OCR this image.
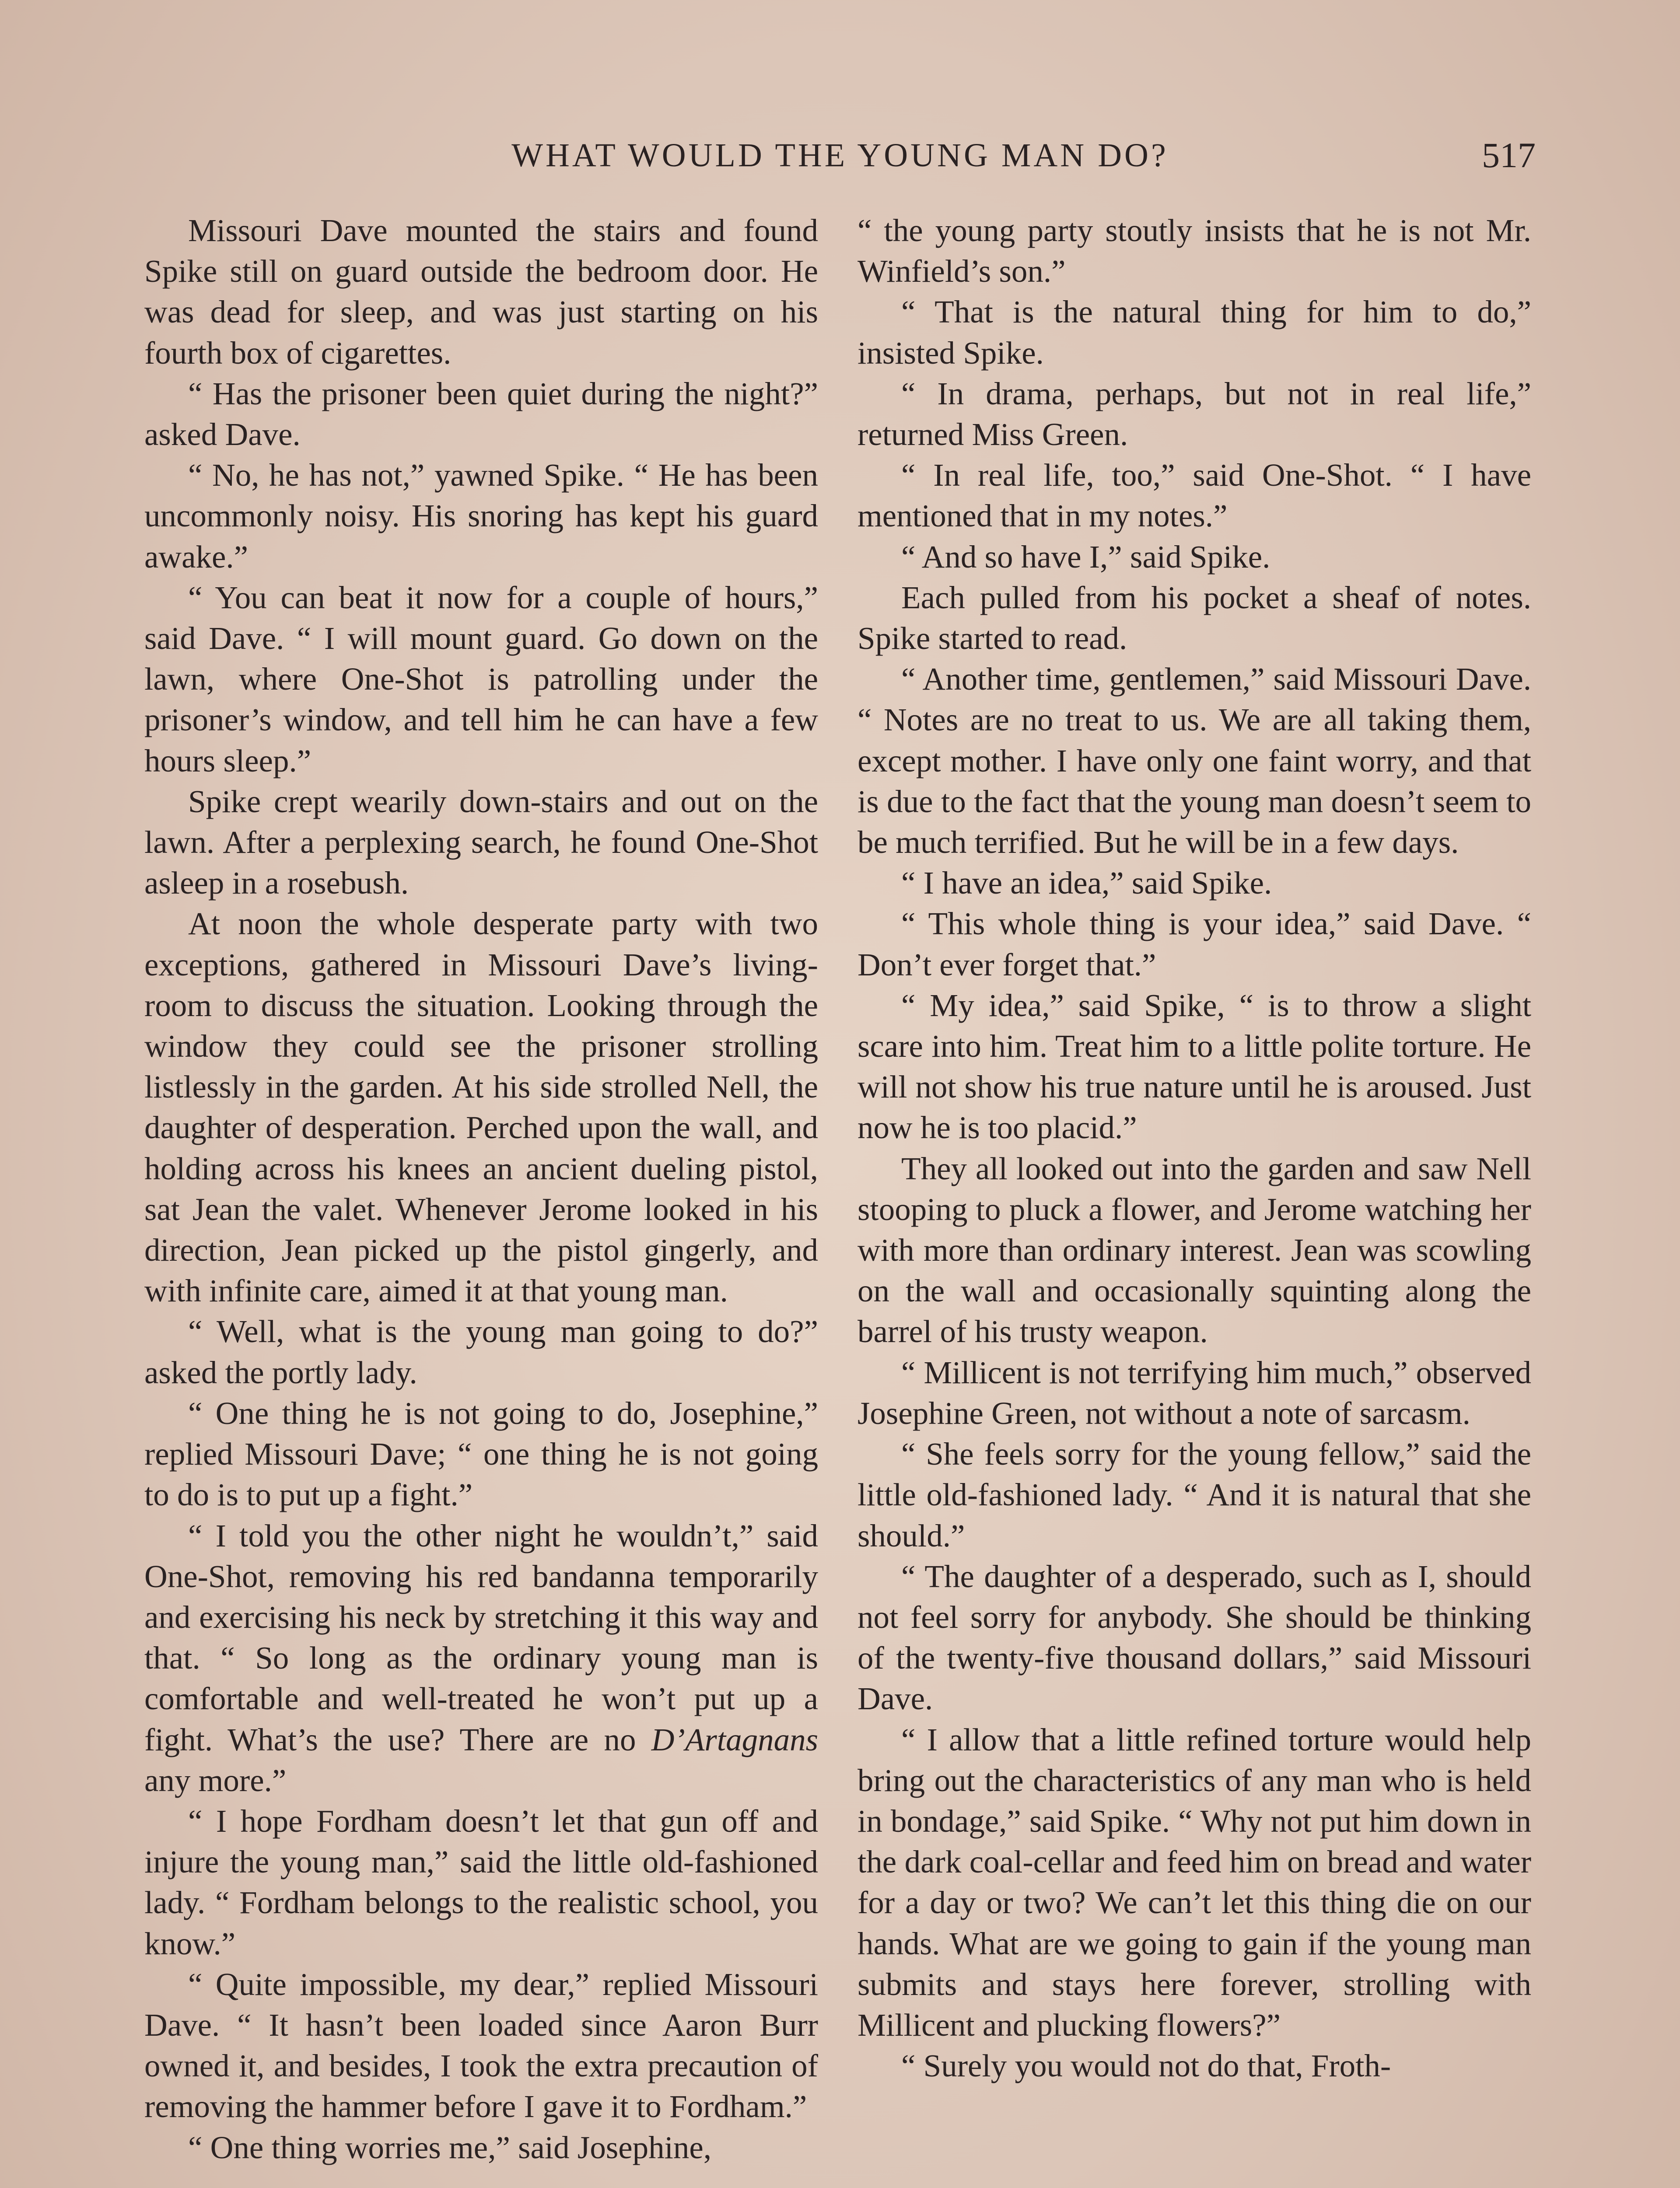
WHAT WOULD THE YOUNG MAN DO?	517

Missouri Dave mounted the stairs and found Spike still on guard outside the bedroom door. He was dead for sleep, and was just starting on his fourth box of cigarettes.

“ Has the prisoner been quiet during the night?” asked Dave.

“ No, he has not,” yawned Spike. “ He has been uncommonly noisy. His snoring has kept his guard awake.”

“ You can beat it now for a couple of hours,” said Dave. “ I will mount guard. Go down on the lawn, where One-Shot is patrolling under the prisoner’s window, and tell him he can have a few hours sleep.”

Spike crept wearily down-stairs and out on the lawn. After a perplexing search, he found One-Shot asleep in a rosebush.

At noon the whole desperate party with two exceptions, gathered in Missouri Dave’s living-room to discuss the situation. Looking through the window they could see the prisoner strolling listlessly in the garden. At his side strolled Nell, the daughter of desperation. Perched upon the wall, and holding across his knees an ancient dueling pistol, sat Jean the valet. Whenever Jerome looked in his direction, Jean picked up the pistol gingerly, and with infinite care, aimed it at that young man.

“ Well, what is the young man going to do?” asked the portly lady.

“ One thing he is not going to do, Josephine,” replied Missouri Dave; “ one thing he is not going to do is to put up a fight.”

“ I told you the other night he wouldn’t,” said One-Shot, removing his red bandanna temporarily and exercising his neck by stretching it this way and that. “ So long as the ordinary young man is comfortable and well-treated he won’t put up a fight. What’s the use? There are no D’Artagnans any more.”

“ I hope Fordham doesn’t let that gun off and injure the young man,” said the little old-fashioned lady. “ Fordham belongs to the realistic school, you know.”

“ Quite impossible, my dear,” replied Missouri Dave. “ It hasn’t been loaded since Aaron Burr owned it, and besides, I took the extra precaution of removing the hammer before I gave it to Fordham.”

“ One thing worries me,” said Josephine,

“ the young party stoutly insists that he is not Mr. Winfield’s son.”

“ That is the natural thing for him to do,” insisted Spike.

“ In drama, perhaps, but not in real life,” returned Miss Green.

“ In real life, too,” said One-Shot. “ I have mentioned that in my notes.”

“ And so have I,” said Spike.

Each pulled from his pocket a sheaf of notes. Spike started to read.

“ Another time, gentlemen,” said Missouri Dave. “ Notes are no treat to us. We are all taking them, except mother. I have only one faint worry, and that is due to the fact that the young man doesn’t seem to be much terrified. But he will be in a few days.

“ I have an idea,” said Spike.

“ This whole thing is your idea,” said Dave. “ Don’t ever forget that.”

“ My idea,” said Spike, “ is to throw a slight scare into him. Treat him to a little polite torture. He will not show his true nature until he is aroused. Just now he is too placid.”

They all looked out into the garden and saw Nell stooping to pluck a flower, and Jerome watching her with more than ordinary interest. Jean was scowling on the wall and occasionally squinting along the barrel of his trusty weapon.

“ Millicent is not terrifying him much,” observed Josephine Green, not without a note of sarcasm.

“ She feels sorry for the young fellow,” said the little old-fashioned lady. “ And it is natural that she should.”

“ The daughter of a desperado, such as I, should not feel sorry for anybody. She should be thinking of the twenty-five thousand dollars,” said Missouri Dave.

“ I allow that a little refined torture would help bring out the characteristics of any man who is held in bondage,” said Spike. “ Why not put him down in the dark coal-cellar and feed him on bread and water for a day or two? We can’t let this thing die on our hands. What are we going to gain if the young man submits and stays here forever, strolling with Millicent and plucking flowers?”

“ Surely you would not do that, Froth-
